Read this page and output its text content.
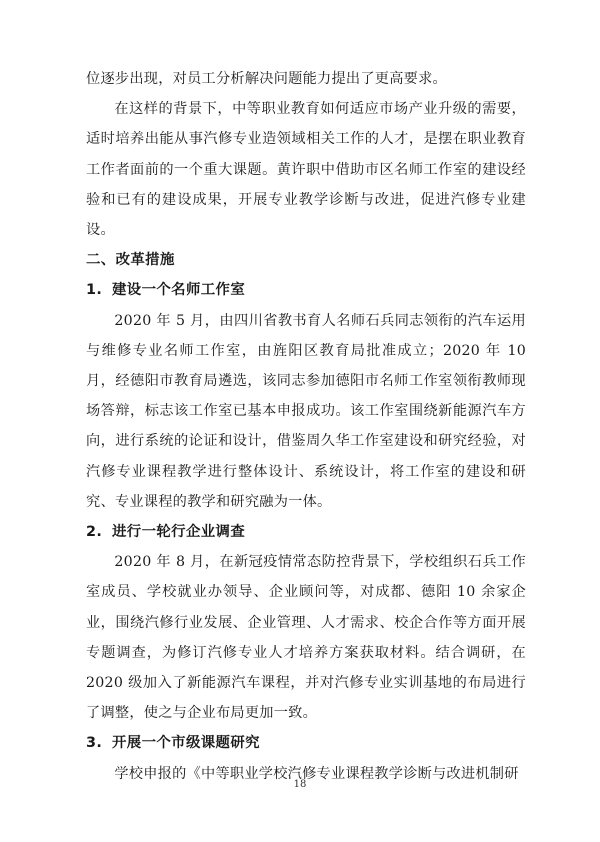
位逐步出现，对员工分析解决问题能力提出了更高要求。

在这样的背景下，中等职业教育如何适应市场产业升级的需要，适时培养出能从事汽修专业造领域相关工作的人才，是摆在职业教育工作者面前的一个重大课题。黄许职中借助市区名师工作室的建设经验和已有的建设成果，开展专业教学诊断与改进，促进汽修专业建设。

二、改革措施

1. 建设一个名师工作室

2020 年 5 月，由四川省教书育人名师石兵同志领衔的汽车运用与维修专业名师工作室，由旌阳区教育局批准成立；2020 年 10 月，经德阳市教育局遴选，该同志参加德阳市名师工作室领衔教师现场答辩，标志该工作室已基本申报成功。该工作室围绕新能源汽车方向，进行系统的论证和设计，借鉴周久华工作室建设和研究经验，对汽修专业课程教学进行整体设计、系统设计，将工作室的建设和研究、专业课程的教学和研究融为一体。

2. 进行一轮行企业调查

2020 年 8 月，在新冠疫情常态防控背景下，学校组织石兵工作室成员、学校就业办领导、企业顾问等，对成都、德阳 10 余家企业，围绕汽修行业发展、企业管理、人才需求、校企合作等方面开展专题调查，为修订汽修专业人才培养方案获取材料。结合调研，在 2020 级加入了新能源汽车课程，并对汽修专业实训基地的布局进行了调整，使之与企业布局更加一致。

3. 开展一个市级课题研究

学校申报的《中等职业学校汽修专业课程教学诊断与改进机制研

18
